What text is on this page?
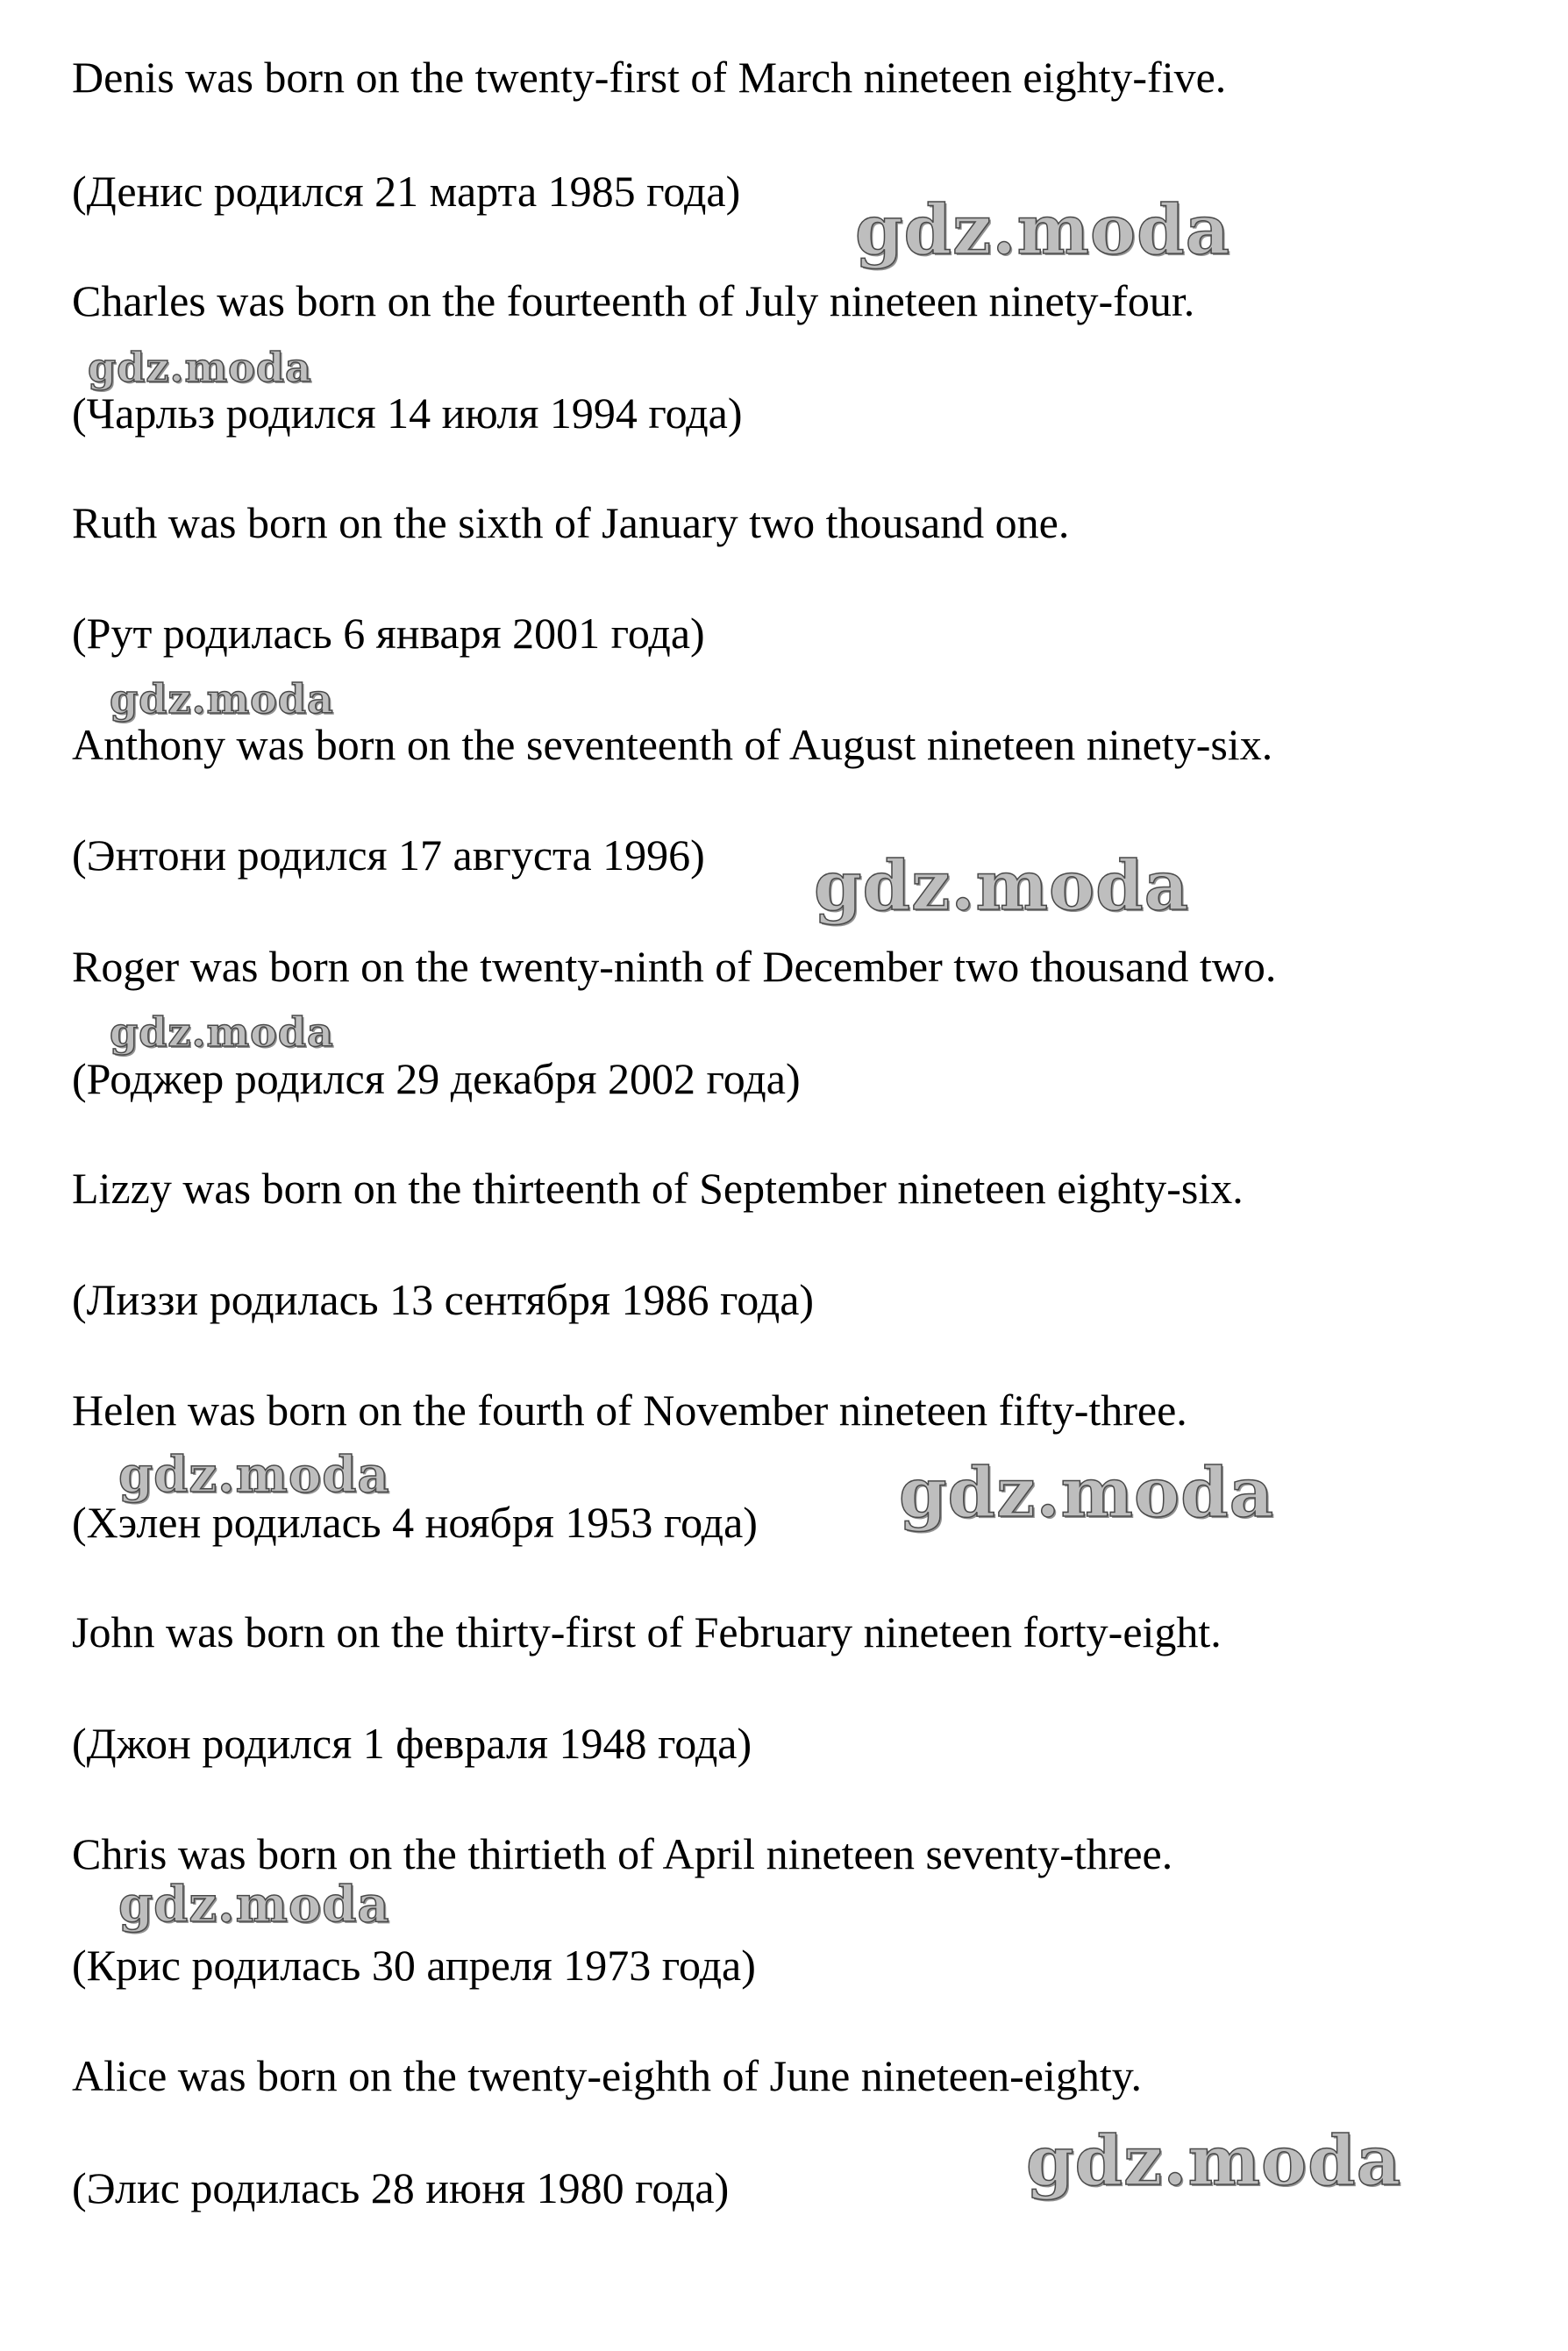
Denis was born on the twenty-first of March nineteen eighty-five.

(Денис родился 21 марта 1985 года)

Charles was born on the fourteenth of July nineteen ninety-four.

(Чарльз родился 14 июля 1994 года)

Ruth was born on the sixth of January two thousand one.

(Рут родилась 6 января 2001 года)

Anthony was born on the seventeenth of August nineteen ninety-six.

(Энтони родился 17 августа 1996)

Roger was born on the twenty-ninth of December two thousand two.

(Роджер родился 29 декабря 2002 года)

Lizzy was born on the thirteenth of September nineteen eighty-six.

(Лиззи родилась 13 сентября 1986 года)

Helen was born on the fourth of November nineteen fifty-three.

(Хэлен родилась 4 ноября 1953 года)

John was born on the thirty-first of February nineteen forty-eight.

(Джон родился 1 февраля 1948 года)

Chris was born on the thirtieth of April nineteen seventy-three.

(Крис родилась 30 апреля 1973 года)

Alice was born on the twenty-eighth of June nineteen-eighty.

(Элис родилась 28 июня 1980 года)

gdz.moda
gdz.moda
gdz.moda
gdz.moda
gdz.moda
gdz.moda	gdz.moda
gdz.moda
gdz.moda
